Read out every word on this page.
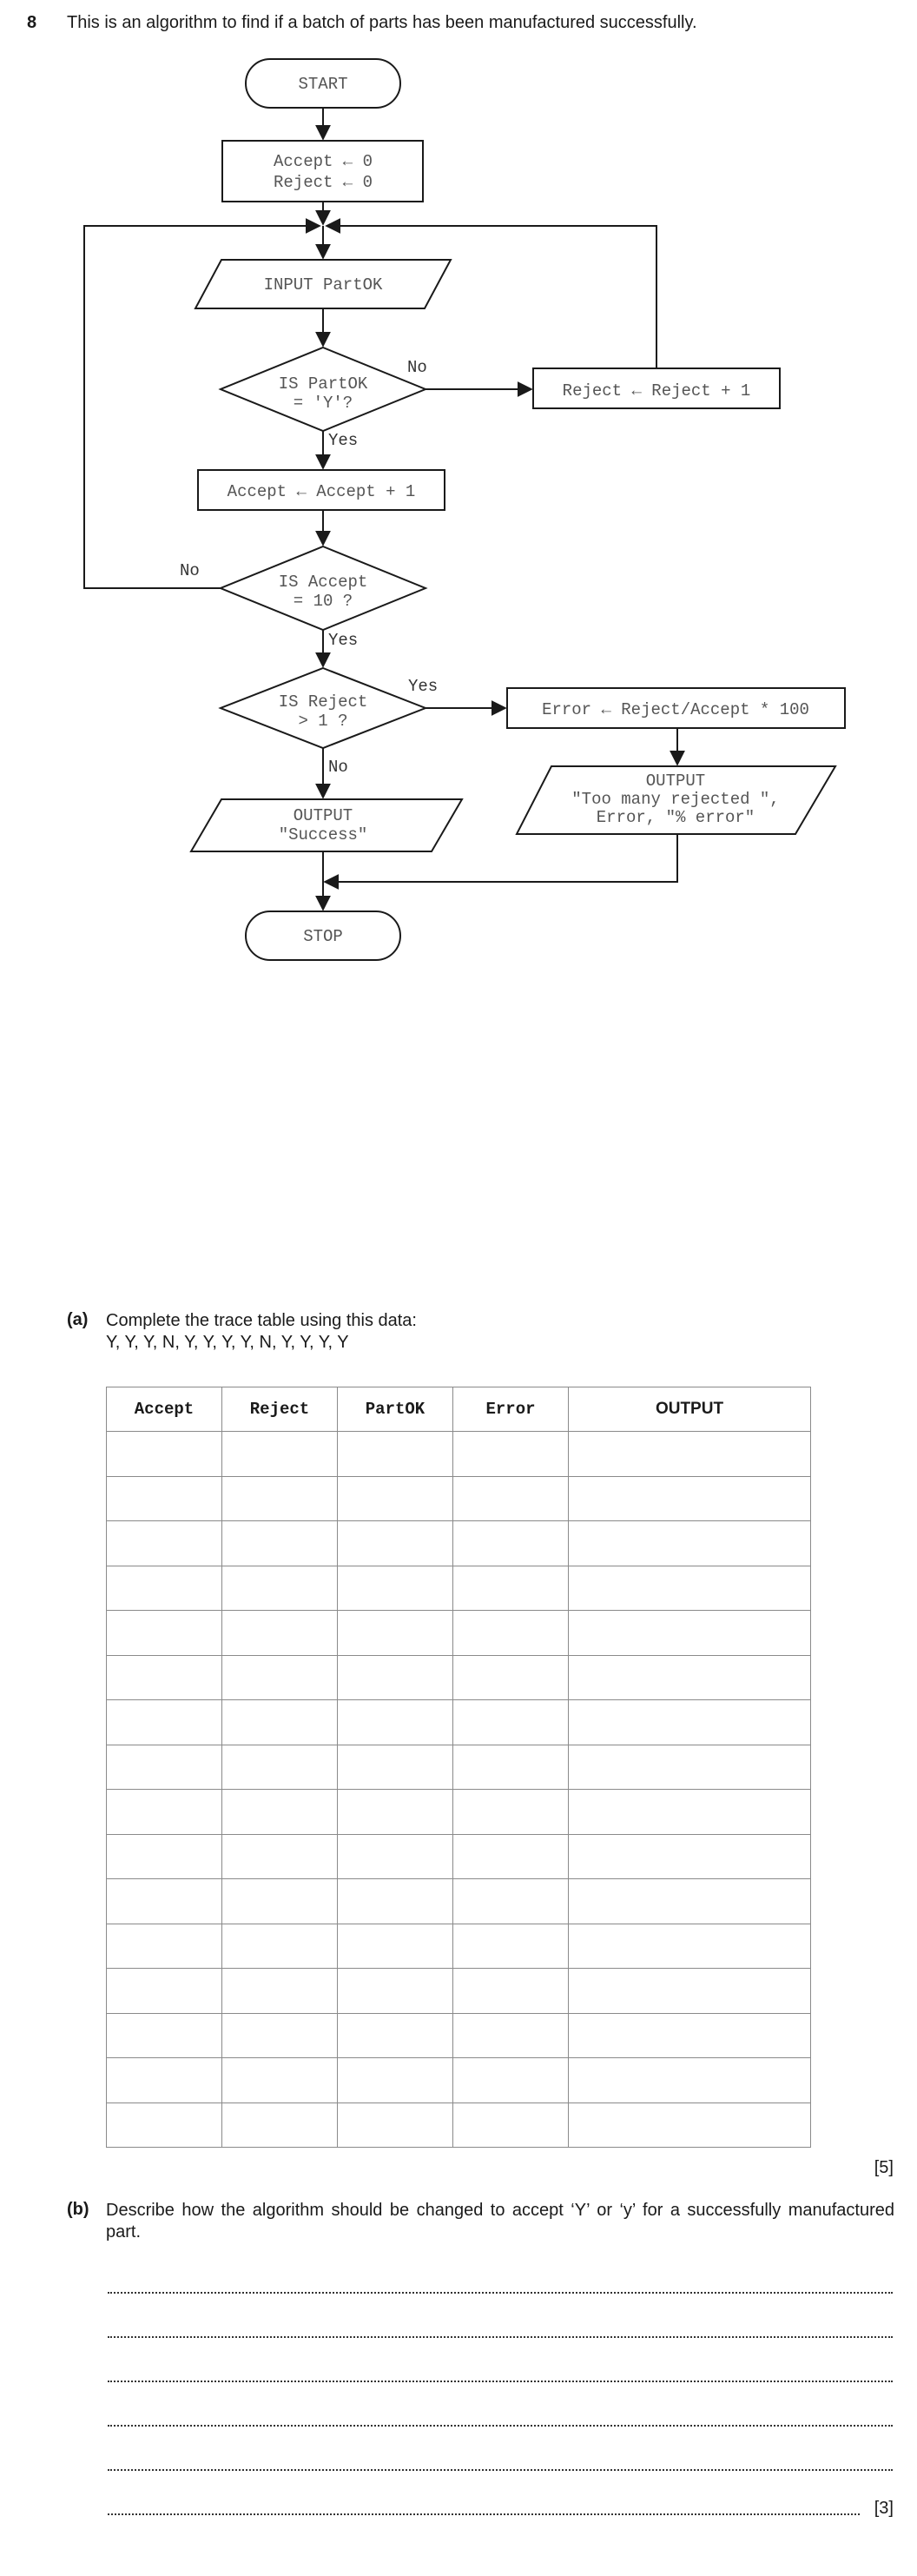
8 This is an algorithm to find if a batch of parts has been manufactured successfully.
START
Accept ← 0
Reject ← 0
INPUT PartOK
IS PartOK
= 'Y'?
Reject ← Reject + 1
Accept ← Accept + 1
IS Accept
= 10 ?
IS Reject
> 1 ?
Error ← Reject/Accept * 100
OUTPUT
"Too many rejected ",
Error, "% error"
OUTPUT
"Success"
STOP
No
Yes
No
Yes
Yes
No
(a) Complete the trace table using this data:
Y, Y, Y, N, Y, Y, Y, Y, N, Y, Y, Y, Y
Accept	Reject	PartOK	Error	OUTPUT

[5]
(b) Describe how the algorithm should be changed to accept ‘Y’ or ‘y’ for a successfully manufactured part.
[3]
